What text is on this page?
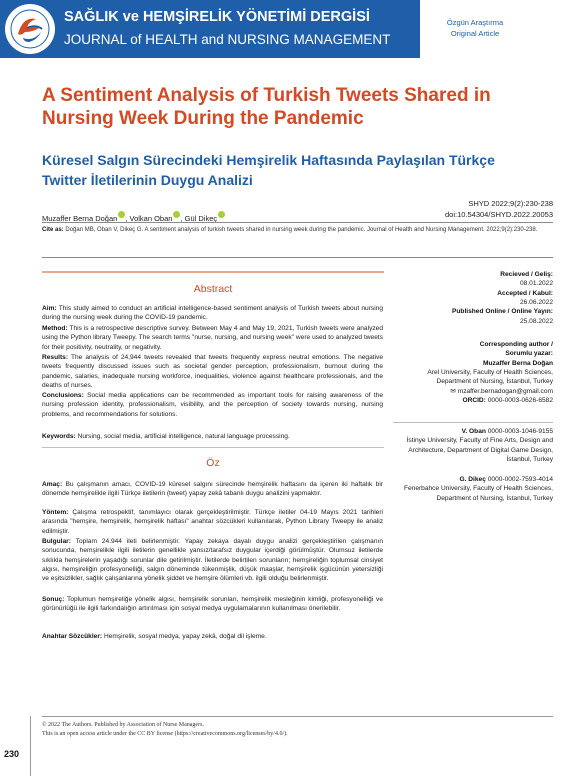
SAĞLIK ve HEMŞİRELİK YÖNETİMİ DERGİSİ
JOURNAL of HEALTH and NURSING MANAGEMENT
Özgün Araştırma
Original Article
A Sentiment Analysis of Turkish Tweets Shared in Nursing Week During the Pandemic
Küresel Salgın Sürecindeki Hemşirelik Haftasında Paylaşılan Türkçe Twitter İletilerinin Duygu Analizi
SHYD 2022;9(2):230-238
doi:10.54304/SHYD.2022.20053
Muzaffer Berna Doğan , Volkan Oban , Gül Dikeç
Cite as: Doğan MB, Oban V, Dikeç G. A sentiment analysis of turkish tweets shared in nursing week during the pandemic. Journal of Health and Nursing Management. 2022;9(2):230-238.
Abstract
Aim: This study aimed to conduct an artificial intelligence-based sentiment analysis of Turkish tweets about nursing during the nursing week during the COVID-19 pandemic.
Method: This is a retrospective descriptive survey. Between May 4 and May 19, 2021, Turkish tweets were analyzed using the Python library Tweepy. The search terms "nurse, nursing, and nursing week" were used to analyzed tweets for their positivity, neutrality, or negativity.
Results: The analysis of 24,944 tweets revealed that tweets frequently express neutral emotions. The negative tweets frequently discussed issues such as societal gender perception, professionalism, burnout during the pandemic, salaries, inadequate nursing workforce, inequalities, violence against healthcare professionals, and the deaths of nurses.
Conclusions: Social media applications can be recommended as important tools for raising awareness of the nursing profession identity, professionalism, visibility, and the perception of society towards nursing, nursing problems, and recommendations for solutions.
Keywords: Nursing, social media, artificial intelligence, natural language processing.
Öz
Amaç: Bu çalışmanın amacı, COVID-19 küresel salgını sürecinde hemşirelik haftasını da içeren iki haftalık bir dönemde hemşirelikle ilgili Türkçe iletilerin (tweet) yapay zekâ tabanlı duygu analizini yapmaktır.
Yöntem: Çalışma retrospektif, tanımlayıcı olarak gerçekleştirilmiştir. Türkçe iletiler 04-19 Mayıs 2021 tarihleri arasında "hemşire, hemşirelik, hemşirelik haftası" anahtar sözcükleri kullanılarak, Python Library Tweepy ile analiz edilmiştir.
Bulgular: Toplam 24.944 ileti belirlenmiştir. Yapay zekaya dayalı duygu analizi gerçekleştirilen çalışmanın sonucunda, hemşirelikle ilgili iletilerin genellikle yansız/tarafsız duygular içerdiği görülmüştür. Olumsuz iletilerde sıklıkla hemşirelerin yaşadığı sorunlar dile getirilmiştir. İletilerde belirtilen sorunların; hemşireliğin toplumsal cinsiyet algısı, hemşireliğin profesyonelliği, salgın döneminde tükenmişlik, düşük maaşlar, hemşirelik işgücünün yetersizliği ve eşitsizlikler, sağlık çalışanlarına yönelik şiddet ve hemşire ölümleri vb. ilgili olduğu belirlenmiştir.
Sonuç: Toplumun hemşireliğe yönelik algısı, hemşirelik sorunları, hemşirelik mesleğinin kimliği, profesyonelliği ve görünürlüğü ile ilgili farkındalığın artırılması için sosyal medya uygulamalarının kullanılması önerilebilir.
Anahtar Sözcükler: Hemşirelik, sosyal medya, yapay zekâ, doğal dil işleme.
Recieved / Geliş:
08.01.2022
Accepted / Kabul:
26.06.2022
Published Online / Online Yayın:
25.08.2022
Corresponding author /
Sorumlu yazar:
Muzaffer Berna Doğan
Arel University, Faculty of Health Sciences, Department of Nursing, İstanbul, Turkey
✉ mzaffer.bernadogan@gmail.com
ORCID: 0000-0003-0626-6582
V. Oban 0000-0003-1046-9155
İstinye University, Faculty of Fine Arts, Design and Architecture, Department of Digital Game Design, İstanbul, Turkey
G. Dikeç 0000-0002-7593-4014
Fenerbahce University, Faculty of Health Sciences, Department of Nursing, İstanbul, Turkey
© 2022 The Authors. Published by Association of Nurse Managers.
This is an open access article under the CC BY license (https://creativecommons.org/licenses/by/4.0/).
230
